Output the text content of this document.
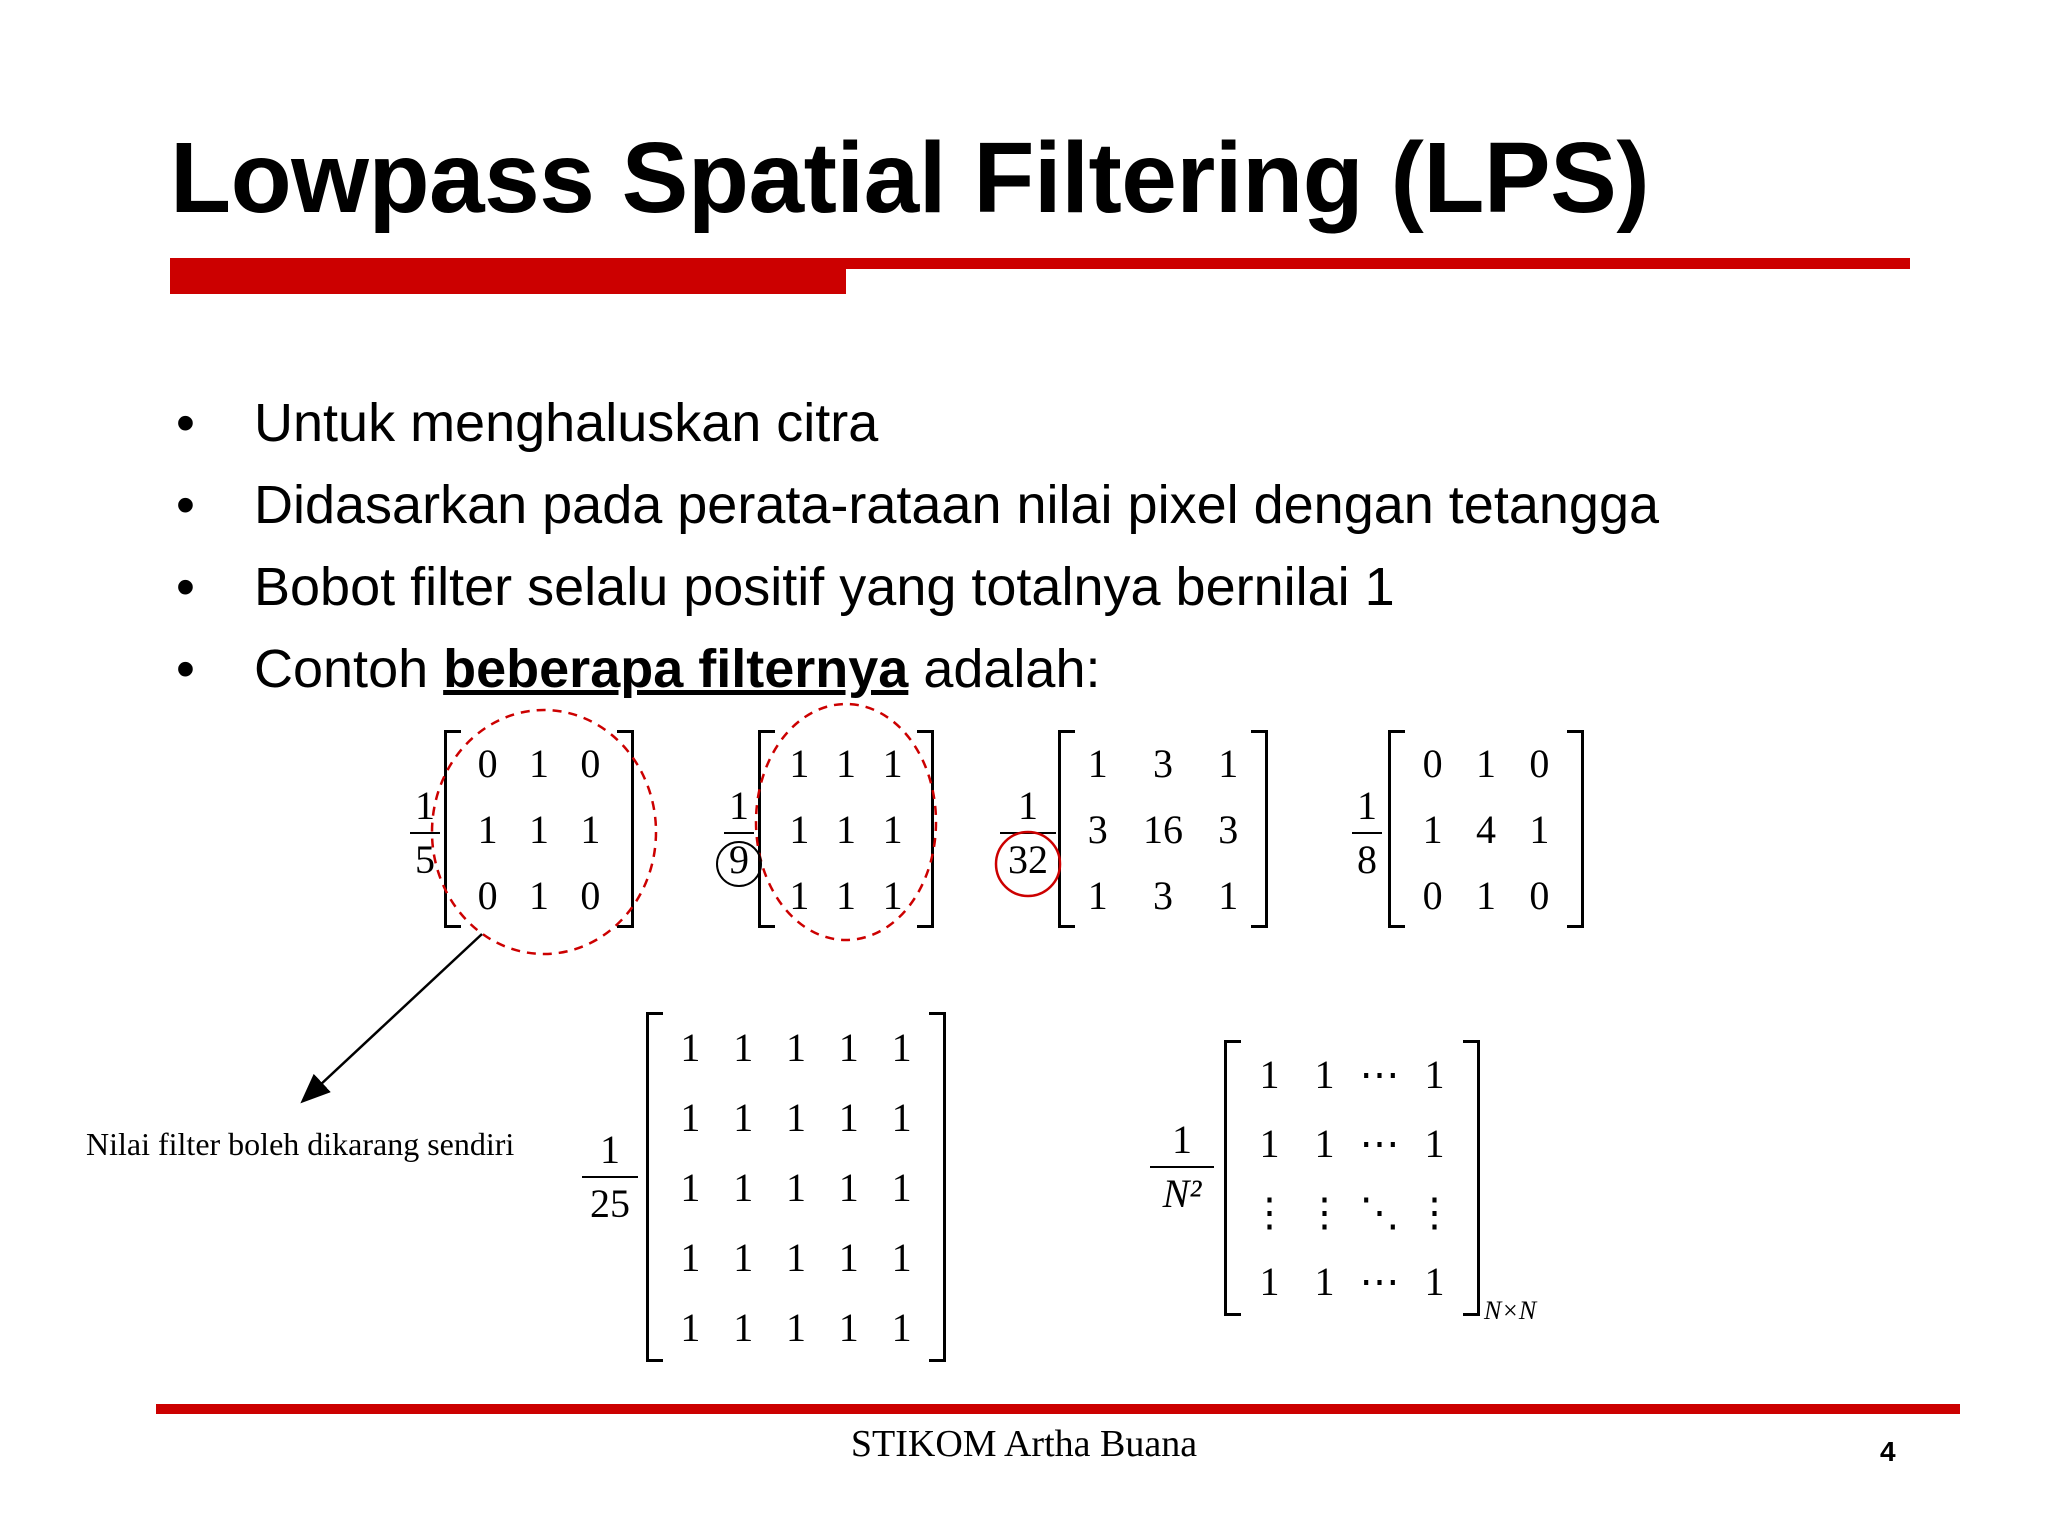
Lowpass Spatial Filtering (LPS)
• Untuk menghaluskan citra
• Didasarkan pada perata-rataan nilai pixel dengan tetangga
• Bobot filter selalu positif yang totalnya bernilai 1
• Contoh beberapa filternya adalah:
1
5
0	1	0
1	1	1
0	1	0
1
9
1	1	1
1	1	1
1	1	1
1
32
1	3	1
3	16	3
1	3	1
1
8
0	1	0
1	4	1
0	1	0
1
25
1	1	1	1	1
1	1	1	1	1
1	1	1	1	1
1	1	1	1	1
1	1	1	1	1
1
N²
1	1	⋯	1
1	1	⋯	1
⋮	⋮	⋱	⋮
1	1	⋯	1
N×N
Nilai filter boleh dikarang sendiri
STIKOM Artha Buana	4
